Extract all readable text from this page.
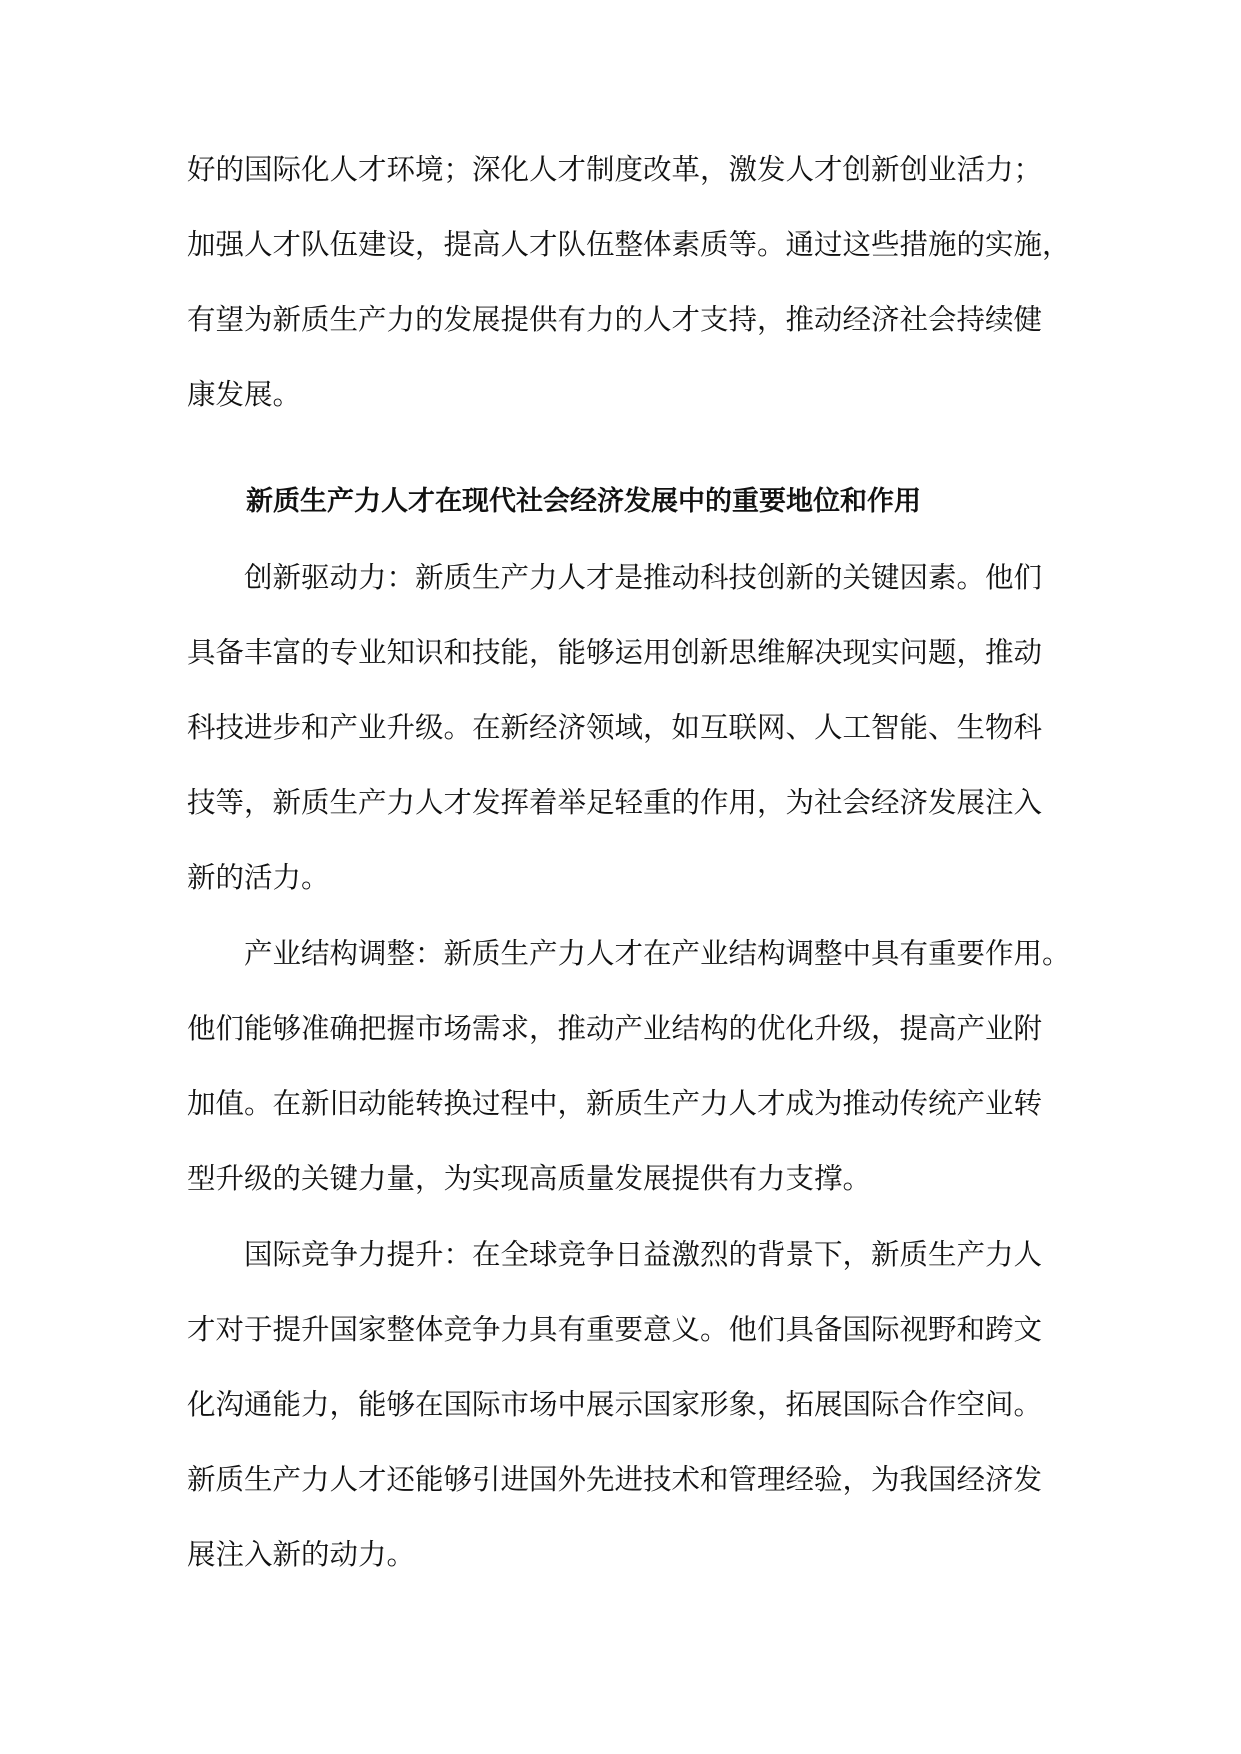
好的国际化人才环境；深化人才制度改革，激发人才创新创业活力；
加强人才队伍建设，提高人才队伍整体素质等。通过这些措施的实施，
有望为新质生产力的发展提供有力的人才支持，推动经济社会持续健
康发展。
新质生产力人才在现代社会经济发展中的重要地位和作用
创新驱动力：新质生产力人才是推动科技创新的关键因素。他们
具备丰富的专业知识和技能，能够运用创新思维解决现实问题，推动
科技进步和产业升级。在新经济领域，如互联网、人工智能、生物科
技等，新质生产力人才发挥着举足轻重的作用，为社会经济发展注入
新的活力。
产业结构调整：新质生产力人才在产业结构调整中具有重要作用。
他们能够准确把握市场需求，推动产业结构的优化升级，提高产业附
加值。在新旧动能转换过程中，新质生产力人才成为推动传统产业转
型升级的关键力量，为实现高质量发展提供有力支撑。
国际竞争力提升：在全球竞争日益激烈的背景下，新质生产力人
才对于提升国家整体竞争力具有重要意义。他们具备国际视野和跨文
化沟通能力，能够在国际市场中展示国家形象，拓展国际合作空间。
新质生产力人才还能够引进国外先进技术和管理经验，为我国经济发
展注入新的动力。
